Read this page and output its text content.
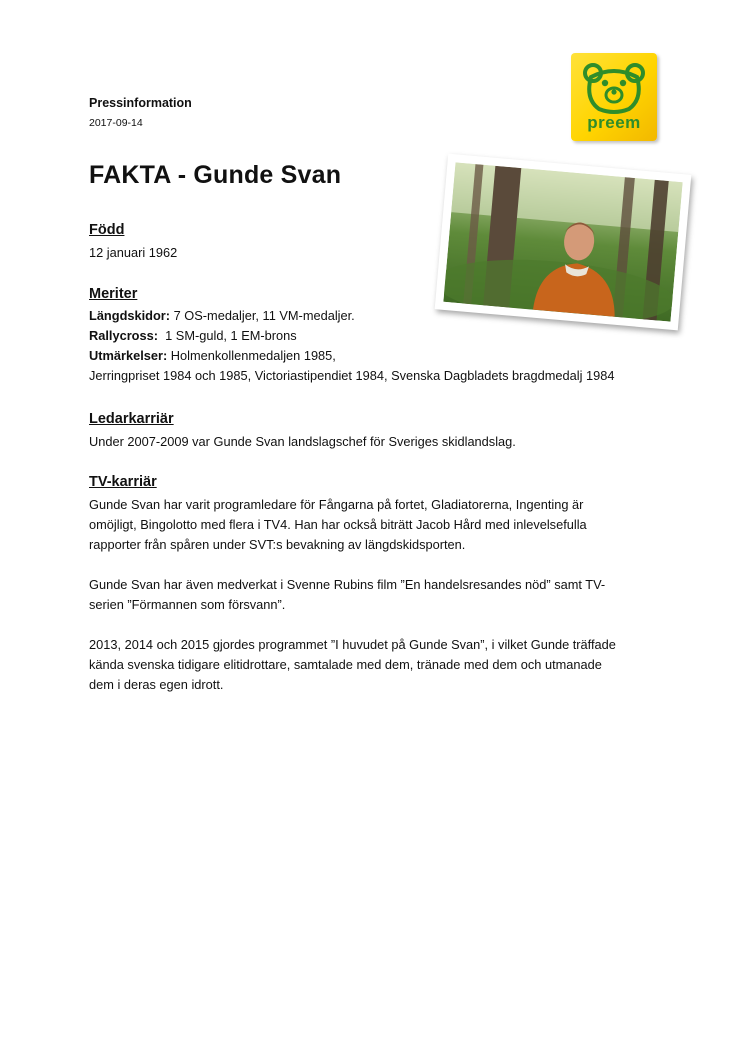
Pressinformation
2017-09-14	preem
FAKTA - Gunde Svan
Född
12 januari 1962
Meriter
Längdskidor: 7 OS-medaljer, 11 VM-medaljer.
Rallycross:  1 SM-guld, 1 EM-brons
Utmärkelser: Holmenkollenmedaljen 1985,
Jerringpriset 1984 och 1985, Victoriastipendiet 1984, Svenska Dagbladets bragdmedalj 1984
Ledarkarriär
Under 2007-2009 var Gunde Svan landslagschef för Sveriges skidlandslag.
TV-karriär
Gunde Svan har varit programledare för Fångarna på fortet, Gladiatorerna, Ingenting är
omöjligt, Bingolotto med flera i TV4. Han har också biträtt Jacob Hård med inlevelsefulla
rapporter från spåren under SVT:s bevakning av längdskidsporten.
Gunde Svan har även medverkat i Svenne Rubins film ”En handelsresandes nöd” samt TV-
serien ”Förmannen som försvann”.
2013, 2014 och 2015 gjordes programmet ”I huvudet på Gunde Svan”, i vilket Gunde träffade
kända svenska tidigare elitidrottare, samtalade med dem, tränade med dem och utmanade
dem i deras egen idrott.
